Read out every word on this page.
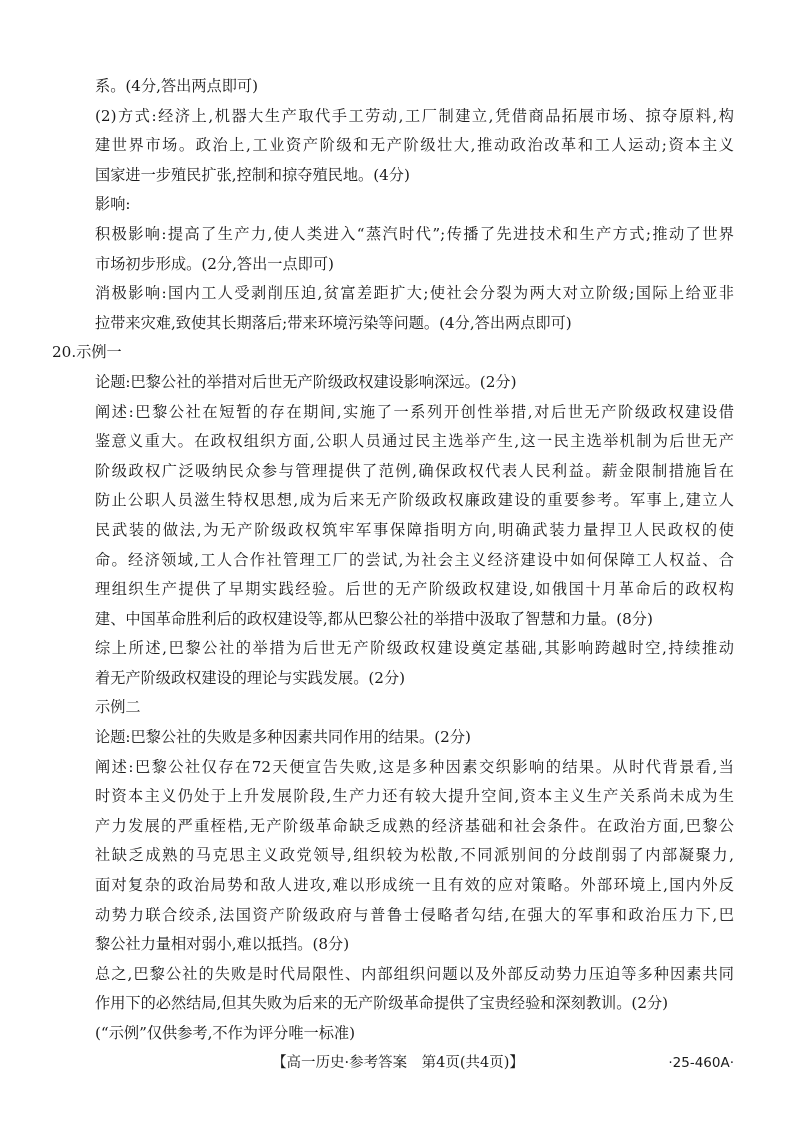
系。(4分,答出两点即可)
(2)方式:经济上,机器大生产取代手工劳动,工厂制建立,凭借商品拓展市场、掠夺原料,构
建世界市场。政治上,工业资产阶级和无产阶级壮大,推动政治改革和工人运动;资本主义
国家进一步殖民扩张,控制和掠夺殖民地。(4分)
影响:
积极影响:提高了生产力,使人类进入“蒸汽时代”;传播了先进技术和生产方式;推动了世界
市场初步形成。(2分,答出一点即可)
消极影响:国内工人受剥削压迫,贫富差距扩大;使社会分裂为两大对立阶级;国际上给亚非
拉带来灾难,致使其长期落后;带来环境污染等问题。(4分,答出两点即可)
20.示例一
论题:巴黎公社的举措对后世无产阶级政权建设影响深远。(2分)
阐述:巴黎公社在短暂的存在期间,实施了一系列开创性举措,对后世无产阶级政权建设借
鉴意义重大。在政权组织方面,公职人员通过民主选举产生,这一民主选举机制为后世无产
阶级政权广泛吸纳民众参与管理提供了范例,确保政权代表人民利益。薪金限制措施旨在
防止公职人员滋生特权思想,成为后来无产阶级政权廉政建设的重要参考。军事上,建立人
民武装的做法,为无产阶级政权筑牢军事保障指明方向,明确武装力量捍卫人民政权的使
命。经济领域,工人合作社管理工厂的尝试,为社会主义经济建设中如何保障工人权益、合
理组织生产提供了早期实践经验。后世的无产阶级政权建设,如俄国十月革命后的政权构
建、中国革命胜利后的政权建设等,都从巴黎公社的举措中汲取了智慧和力量。(8分)
综上所述,巴黎公社的举措为后世无产阶级政权建设奠定基础,其影响跨越时空,持续推动
着无产阶级政权建设的理论与实践发展。(2分)
示例二
论题:巴黎公社的失败是多种因素共同作用的结果。(2分)
阐述:巴黎公社仅存在72天便宣告失败,这是多种因素交织影响的结果。从时代背景看,当
时资本主义仍处于上升发展阶段,生产力还有较大提升空间,资本主义生产关系尚未成为生
产力发展的严重桎梏,无产阶级革命缺乏成熟的经济基础和社会条件。在政治方面,巴黎公
社缺乏成熟的马克思主义政党领导,组织较为松散,不同派别间的分歧削弱了内部凝聚力,
面对复杂的政治局势和敌人进攻,难以形成统一且有效的应对策略。外部环境上,国内外反
动势力联合绞杀,法国资产阶级政府与普鲁士侵略者勾结,在强大的军事和政治压力下,巴
黎公社力量相对弱小,难以抵挡。(8分)
总之,巴黎公社的失败是时代局限性、内部组织问题以及外部反动势力压迫等多种因素共同
作用下的必然结局,但其失败为后来的无产阶级革命提供了宝贵经验和深刻教训。(2分)
(“示例”仅供参考,不作为评分唯一标准)
【高一历史·参考答案　第4页(共4页)】	·25-460A·
